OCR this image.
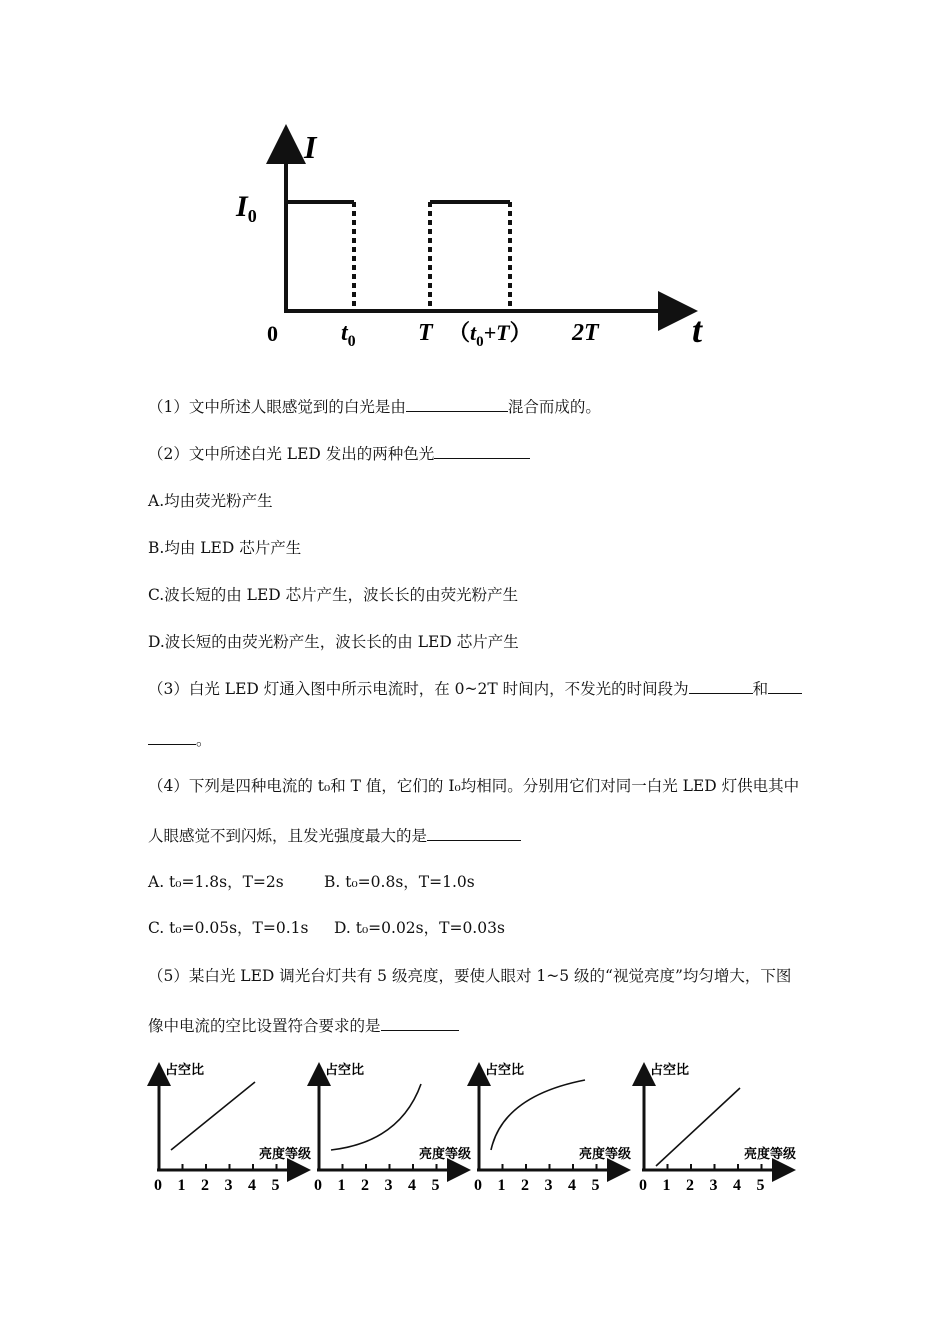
I
$I_0$
t
0	$t_0$	T $(t_0+T)$ 2T
（1）文中所述人眼感觉到的白光是由	混合而成的。
（2）文中所述白光 LED 发出的两种色光
A.均由荧光粉产生
B.均由 LED 芯片产生
C.波长短的由 LED 芯片产生，波长长的由荧光粉产生
D.波长短的由荧光粉产生，波长长的由 LED 芯片产生
（3）白光 LED 灯通入图中所示电流时，在 0~2T 时间内，不发光的时间段为	和
。
（4）下列是四种电流的 t₀和 T 值，它们的 I₀均相同。分别用它们对同一白光 LED 灯供电其中
人眼感觉不到闪烁，且发光强度最大的是
A. t₀=1.8s，T=2s	B. t₀=0.8s，T=1.0s
C. t₀=0.05s，T=0.1s D. t₀=0.02s，T=0.03s
（5）某白光 LED 调光台灯共有 5 级亮度，要使人眼对 1~5 级的“视觉亮度”均匀增大，下图
像中电流的空比设置符合要求的是
0 1 2 3 4 5
占空比
亮度等级
0 1 2 3 4 5
占空比
亮度等级
0 1 2 3 4 5
占空比
亮度等级
0 1 2 3 4 5
占空比
亮度等级
